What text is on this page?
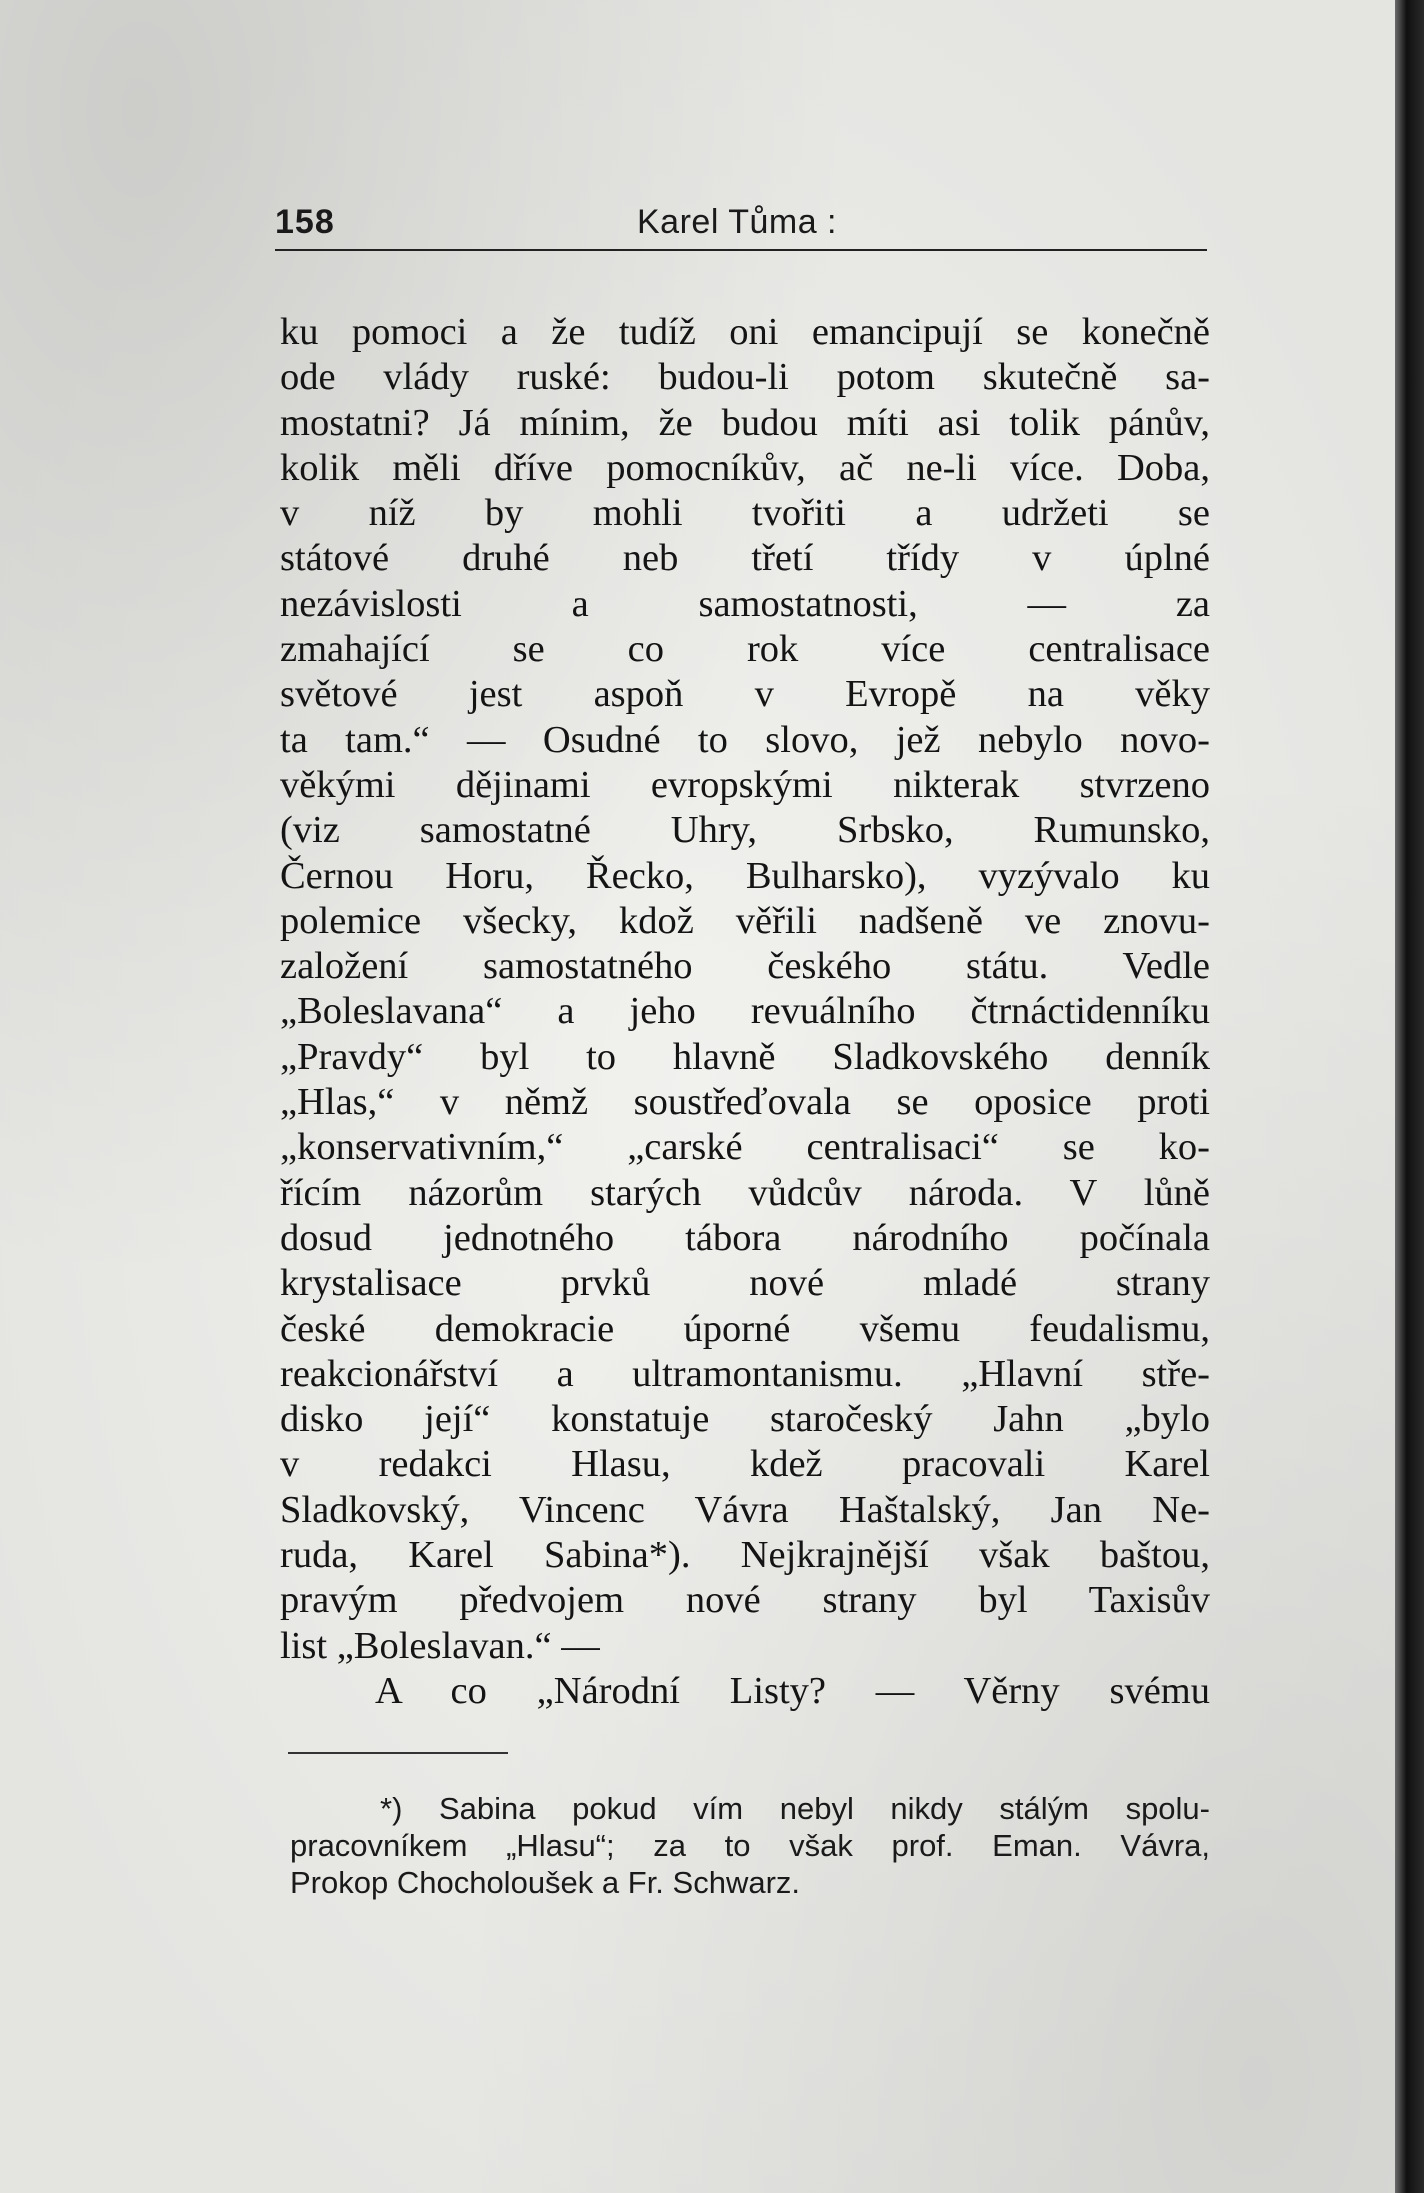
158	Karel Tůma :
ku pomoci a že tudíž oni emancipují se konečně
ode vlády ruské: budou-li potom skutečně sa-
mostatni? Já mínim, že budou míti asi tolik pánův,
kolik měli dříve pomocníkův, ač ne-li více. Doba,
v níž by mohli tvořiti a udržeti se
státové druhé neb třetí třídy v úplné
nezávislosti a samostatnosti, — za
zmahající se co rok více centralisace
světové jest aspoň v Evropě na věky
ta tam.“ — Osudné to slovo, jež nebylo novo-
věkými dějinami evropskými nikterak stvrzeno
(viz samostatné Uhry, Srbsko, Rumunsko,
Černou Horu, Řecko, Bulharsko), vyzývalo ku
polemice všecky, kdož věřili nadšeně ve znovu-
založení samostatného českého státu. Vedle
„Boleslavana“ a jeho revuálního čtrnáctidenníku
„Pravdy“ byl to hlavně Sladkovského denník
„Hlas,“ v němž soustřeďovala se oposice proti
„konservativním,“ „carské centralisaci“ se ko-
řícím názorům starých vůdcův národa. V lůně
dosud jednotného tábora národního počínala
krystalisace prvků nové mladé strany
české demokracie úporné všemu feudalismu,
reakcionářství a ultramontanismu. „Hlavní stře-
disko její“ konstatuje staročeský Jahn „bylo
v redakci Hlasu, kdež pracovali Karel
Sladkovský, Vincenc Vávra Haštalský, Jan Ne-
ruda, Karel Sabina*). Nejkrajnější však baštou,
pravým předvojem nové strany byl Taxisův
list „Boleslavan.“ —
A co „Národní Listy? — Věrny svému
*) Sabina pokud vím nebyl nikdy stálým spolu-
pracovníkem „Hlasu“; za to však prof. Eman. Vávra,
Prokop Chocholoušek a Fr. Schwarz.
